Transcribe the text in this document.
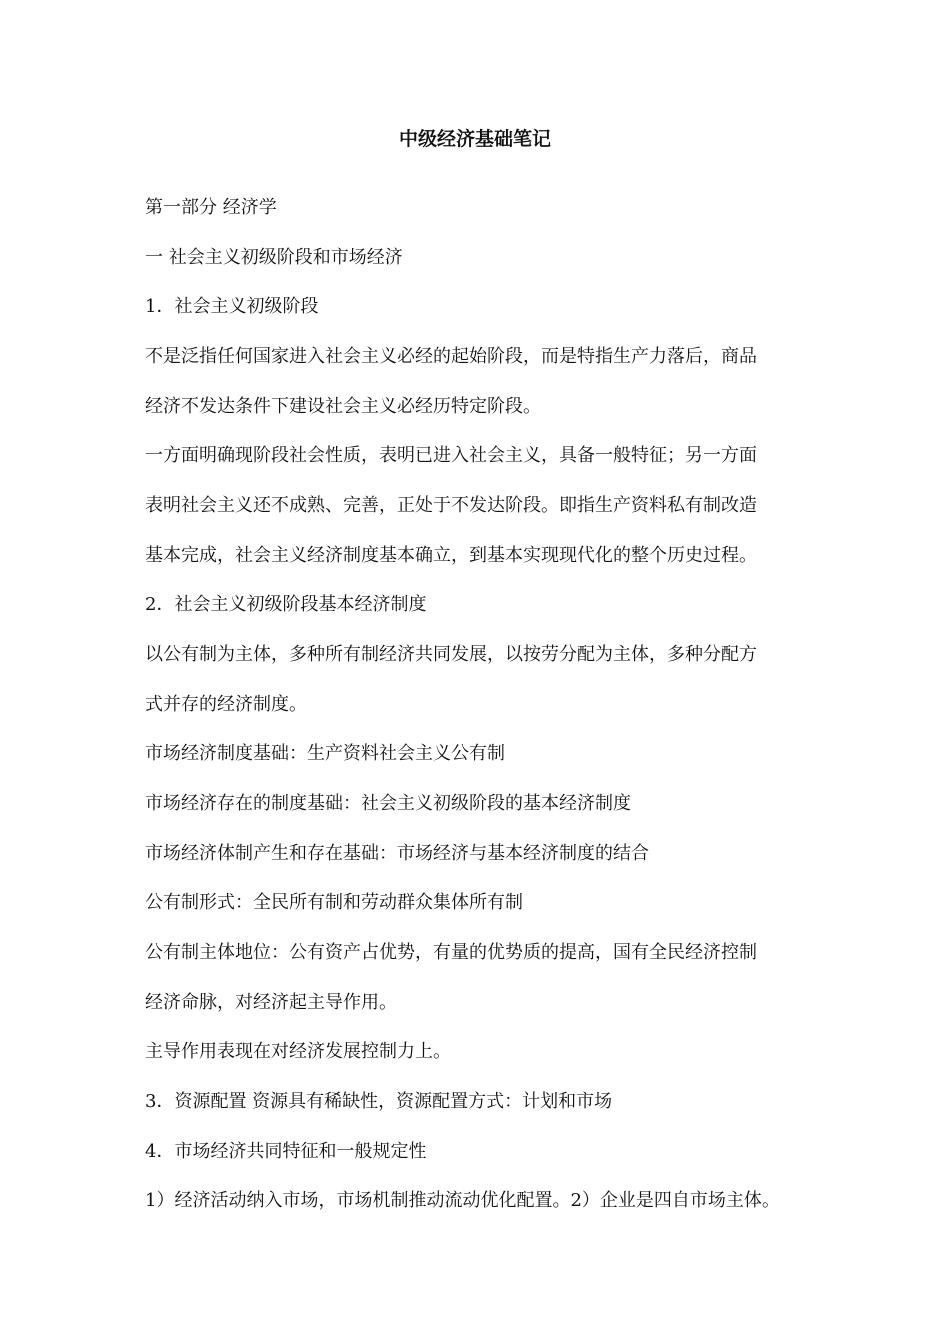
中级经济基础笔记
第一部分 经济学
一 社会主义初级阶段和市场经济
1．社会主义初级阶段
不是泛指任何国家进入社会主义必经的起始阶段，而是特指生产力落后，商品
经济不发达条件下建设社会主义必经历特定阶段。
一方面明确现阶段社会性质，表明已进入社会主义，具备一般特征；另一方面
表明社会主义还不成熟、完善，正处于不发达阶段。即指生产资料私有制改造
基本完成，社会主义经济制度基本确立，到基本实现现代化的整个历史过程。
2．社会主义初级阶段基本经济制度
以公有制为主体，多种所有制经济共同发展，以按劳分配为主体，多种分配方
式并存的经济制度。
市场经济制度基础：生产资料社会主义公有制
市场经济存在的制度基础：社会主义初级阶段的基本经济制度
市场经济体制产生和存在基础：市场经济与基本经济制度的结合
公有制形式：全民所有制和劳动群众集体所有制
公有制主体地位：公有资产占优势，有量的优势质的提高，国有全民经济控制
经济命脉，对经济起主导作用。
主导作用表现在对经济发展控制力上。
3．资源配置 资源具有稀缺性，资源配置方式：计划和市场
4．市场经济共同特征和一般规定性
1）经济活动纳入市场，市场机制推动流动优化配置。2）企业是四自市场主体。
